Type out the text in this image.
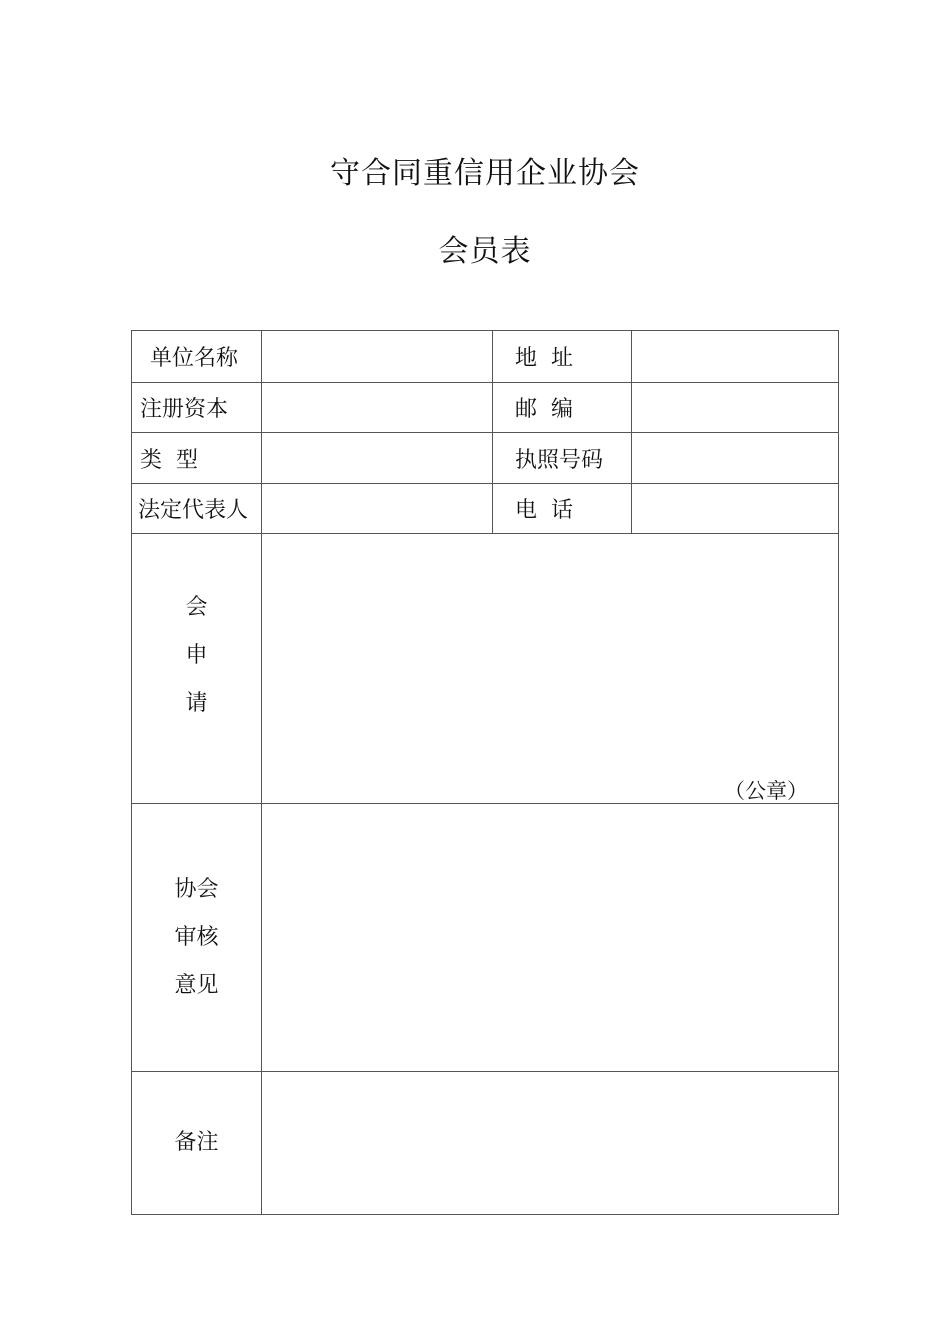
守合同重信用企业协会
会员表
单位名称		地  址	
注册资本		邮  编	
类  型		执照号码	
法定代表人		电  话	

会
申
请	（公章）		

协会
审核
意见			

备注			
